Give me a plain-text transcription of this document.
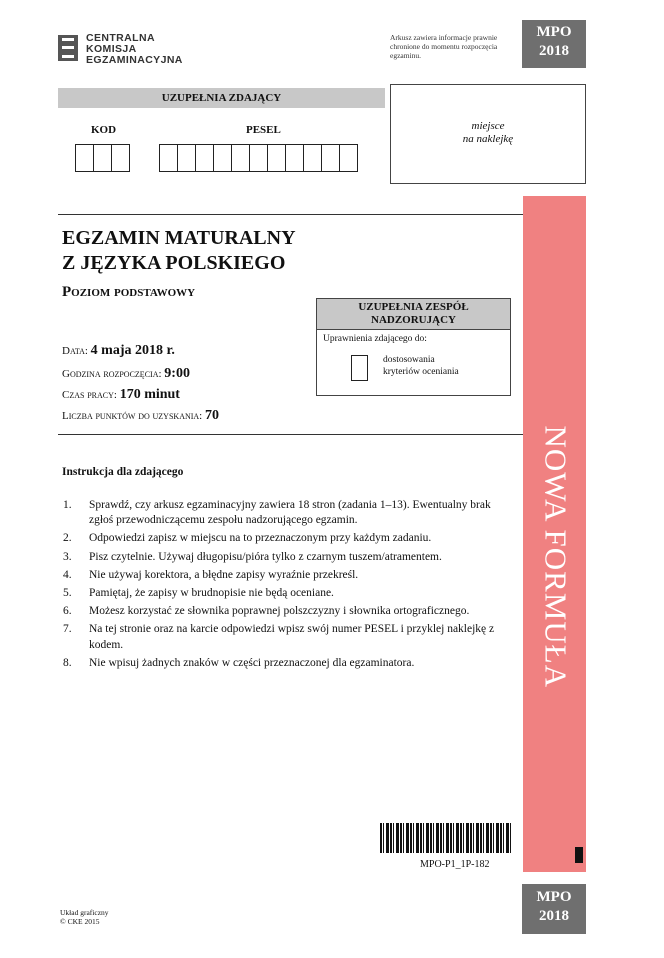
CENTRALNA
KOMISJA
EGZAMINACYJNA
Arkusz zawiera informacje prawnie chronione do momentu rozpoczęcia egzaminu.
MPO
2018
UZUPEŁNIA ZDAJĄCY
KOD	PESEL	miejsce
na naklejkę
NOWA FORMUŁA
EGZAMIN MATURALNY
Z JĘZYKA POLSKIEGO
Poziom podstawowy
Data: 4 maja 2018 r.
Godzina rozpoczęcia: 9:00
Czas pracy: 170 minut
Liczba punktów do uzyskania: 70
UZUPEŁNIA ZESPÓŁ
NADZORUJĄCY
Uprawnienia zdającego do:
dostosowania
kryteriów oceniania
Instrukcja dla zdającego
1.	Sprawdź, czy arkusz egzaminacyjny zawiera 18 stron (zadania 1–13). Ewentualny brak zgłoś przewodniczącemu zespołu nadzorującego egzamin.
2.	Odpowiedzi zapisz w miejscu na to przeznaczonym przy każdym zadaniu.
3.	Pisz czytelnie. Używaj długopisu/pióra tylko z czarnym tuszem/atramentem.
4.	Nie używaj korektora, a błędne zapisy wyraźnie przekreśl.
5.	Pamiętaj, że zapisy w brudnopisie nie będą oceniane.
6.	Możesz korzystać ze słownika poprawnej polszczyzny i słownika ortograficznego.
7.	Na tej stronie oraz na karcie odpowiedzi wpisz swój numer PESEL i przyklej naklejkę z kodem.
8.	Nie wpisuj żadnych znaków w części przeznaczonej dla egzaminatora.
MPO-P1_1P-182
MPO
2018
Układ graficzny
© CKE 2015
